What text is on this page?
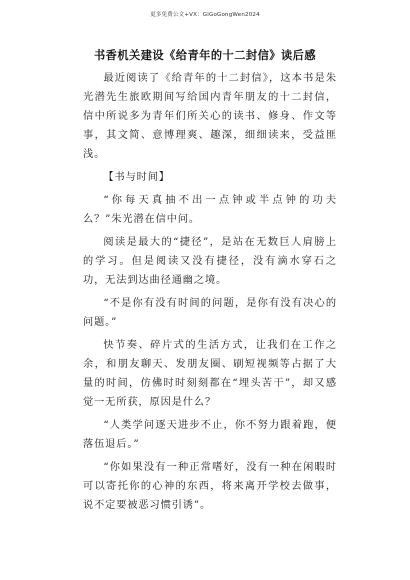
更多免费公文+VX：GiGoGongWen2024
书香机关建设《给青年的十二封信》读后感

最近阅读了《给青年的十二封信》，这本书是朱光潜先生旅欧期间写给国内青年朋友的十二封信，信中所说多为青年们所关心的读书、修身、作文等事，其文简、意博理爽、趣深，细细读来，受益匪浅。

【书与时间】

“你每天真抽不出一点钟或半点钟的功夫么？”朱光潜在信中问。

阅读是最大的“捷径”，是站在无数巨人肩膀上的学习。但是阅读又没有捷径，没有滴水穿石之功，无法到达曲径通幽之境。

“不是你有没有时间的问题，是你有没有决心的问题。”

快节奏、碎片式的生活方式，让我们在工作之余，和朋友聊天、发朋友圈、刷短视频等占据了大量的时间，仿佛时时刻刻都在“埋头苦干”，却又感觉一无所获，原因是什么？

“人类学问逐天进步不止，你不努力跟着跑，便落伍退后。”

“你如果没有一种正常嗜好，没有一种在闲暇时可以寄托你的心神的东西，将来离开学校去做事，说不定要被恶习惯引诱”。
